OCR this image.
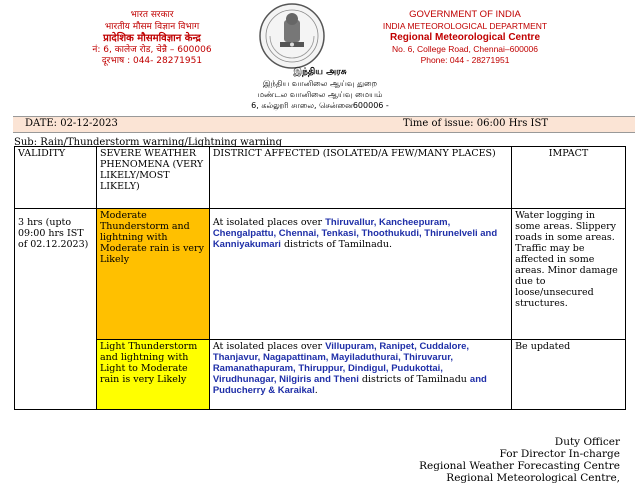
भारत सरकार
भारतीय मौसम विज्ञान विभाग
प्रादेशिक मौसमविज्ञान केन्द्र
नं: 6, कालेज रोड, चेन्नै – 600006
दूरभाष : 044- 28271951
GOVERNMENT OF INDIA
INDIA METEOROLOGICAL DEPARTMENT
Regional Meteorological Centre
No. 6, College Road, Chennai–600006
Phone: 044 - 28271951
இந்திய அரசு
இந்திய வானிலை ஆய்வு துறை
மண்டல வானிலை ஆய்வு மையம்
6, கல்லூரி சாலை, சென்னை600006 -
DATE: 02-12-2023	Time of issue: 06:00 Hrs IST
Sub: Rain/Thunderstorm warning/Lightning warning
VALIDITY	SEVERE WEATHER PHENOMENA (VERY LIKELY/MOST LIKELY)	DISTRICT AFFECTED (ISOLATED/A FEW/MANY PLACES)	IMPACT
3 hrs (upto 09:00 hrs IST of 02.12.2023)	Moderate Thunderstorm and lightning with Moderate rain is very Likely	At isolated places over Thiruvallur, Kancheepuram, Chengalpattu, Chennai, Tenkasi, Thoothukudi, Thirunelveli and Kanniyakumari districts of Tamilnadu.	Water logging in some areas. Slippery roads in some areas. Traffic may be affected in some areas. Minor damage due to loose/unsecured structures.
	Light Thunderstorm and lightning with Light to Moderate rain is very Likely	At isolated places over Villupuram, Ranipet, Cuddalore, Thanjavur, Nagapattinam, Mayiladuthurai, Thiruvarur, Ramanathapuram, Thiruppur, Dindigul, Pudukottai, Virudhunagar, Nilgiris and Theni districts of Tamilnadu and Puducherry & Karaikal.	Be updated
Duty Officer
For Director In-charge
Regional Weather Forecasting Centre
Regional Meteorological Centre,
